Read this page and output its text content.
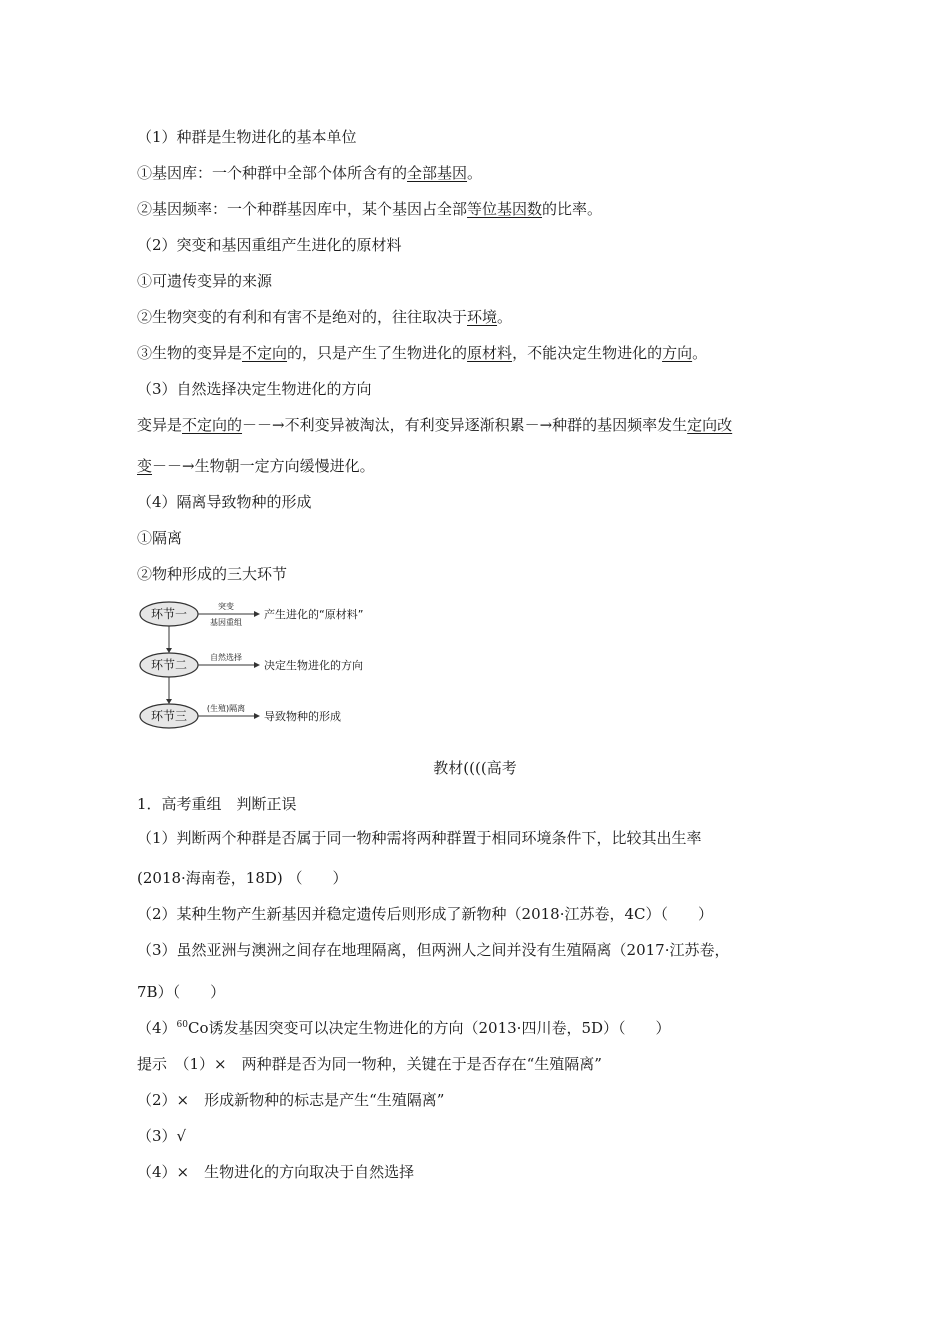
（1）种群是生物进化的基本单位
①基因库：一个种群中全部个体所含有的全部基因。
②基因频率：一个种群基因库中，某个基因占全部等位基因数的比率。
（2）突变和基因重组产生进化的原材料
①可遗传变异的来源
②生物突变的有利和有害不是绝对的，往往取决于环境。
③生物的变异是不定向的，只是产生了生物进化的原材料，不能决定生物进化的方向。
（3）自然选择决定生物进化的方向
变异是不定向的－－→不利变异被淘汰，有利变异逐渐积累－→种群的基因频率发生定向改
变－－→生物朝一定方向缓慢进化。
（4）隔离导致物种的形成
①隔离
②物种形成的三大环节
环节一
环节二
环节三
突变
基因重组
产生进化的“原材料”
自然选择
决定生物进化的方向
(生殖)隔离
导致物种的形成
教材((((高考
1．高考重组　判断正误
（1）判断两个种群是否属于同一物种需将两种群置于相同环境条件下，比较其出生率
(2018·海南卷，18D) （　　）
（2）某种生物产生新基因并稳定遗传后则形成了新物种（2018·江苏卷，4C）（　　）
（3）虽然亚洲与澳洲之间存在地理隔离，但两洲人之间并没有生殖隔离（2017·江苏卷，
7B）（　　）
$(4)^{60}Co$诱发基因突变可以决定生物进化的方向（2013·四川卷，5D）（　　）
提示　（1）×　两种群是否为同一物种，关键在于是否存在“生殖隔离”
（2）×　形成新物种的标志是产生“生殖隔离”
（3）√
（4）×　生物进化的方向取决于自然选择
